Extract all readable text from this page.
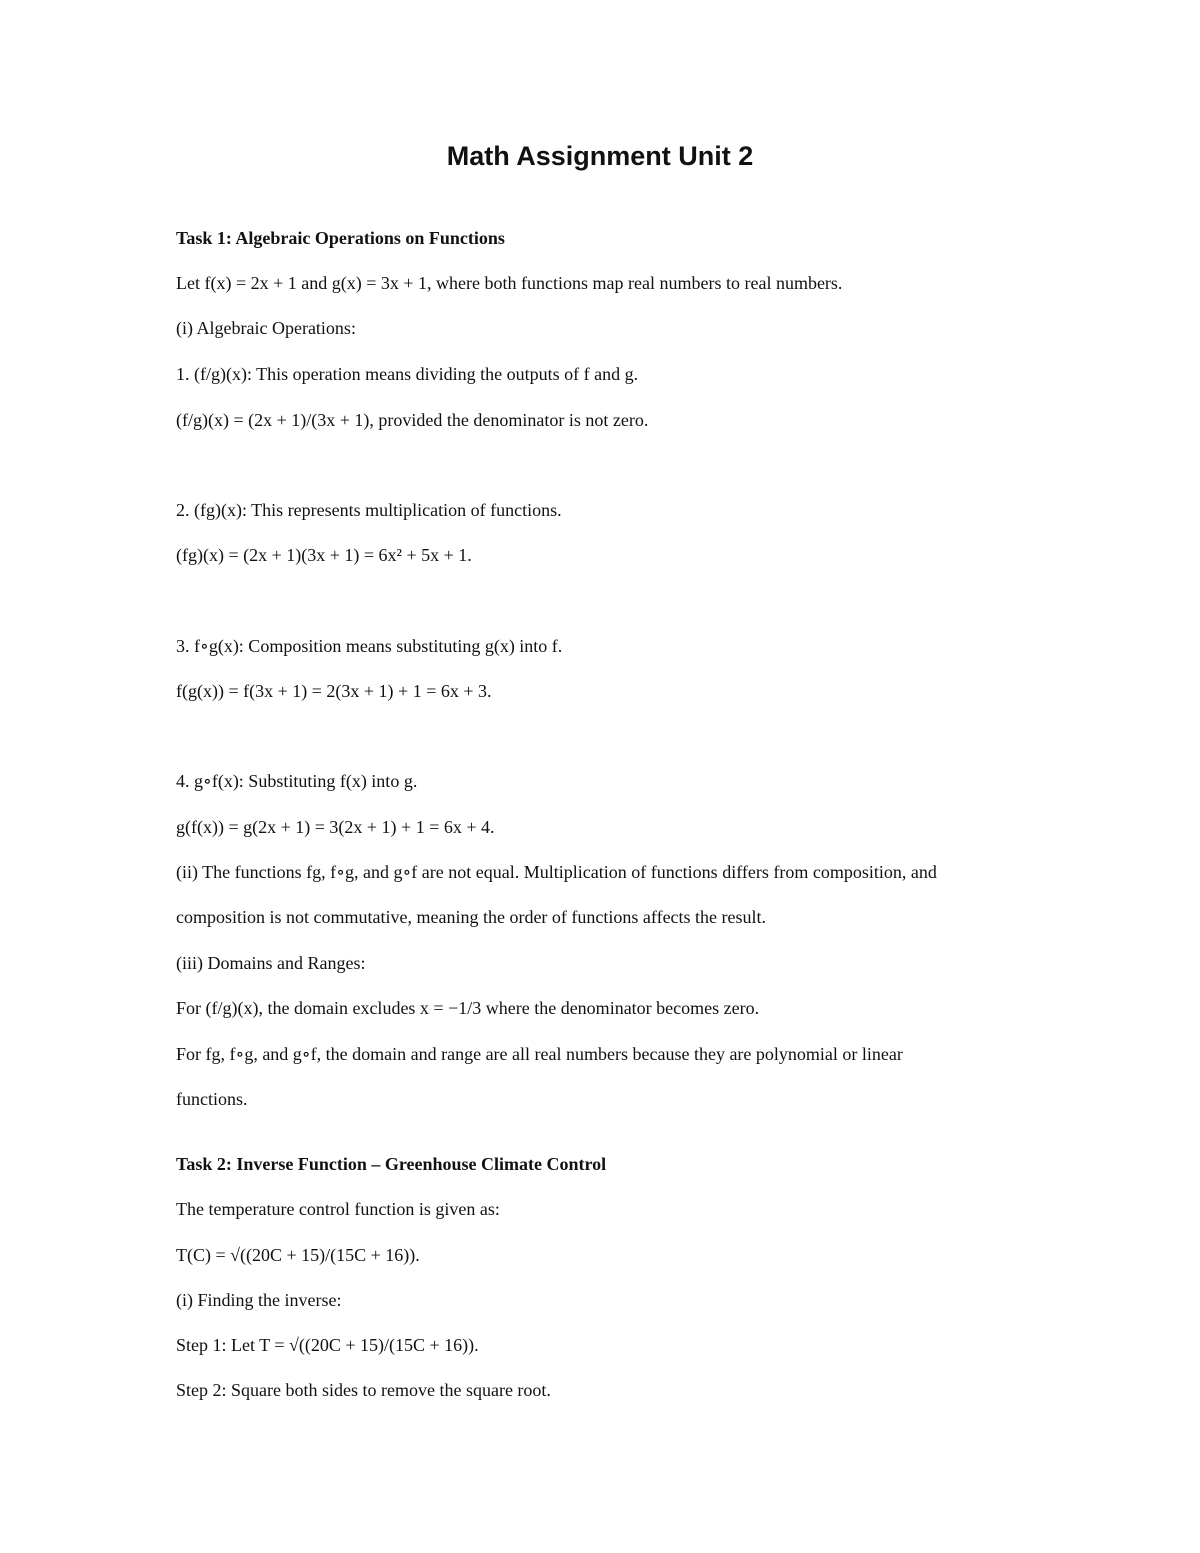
Math Assignment Unit 2

Task 1: Algebraic Operations on Functions

Let f(x) = 2x + 1 and g(x) = 3x + 1, where both functions map real numbers to real numbers.

(i) Algebraic Operations:

1. (f/g)(x): This operation means dividing the outputs of f and g.

(f/g)(x) = (2x + 1)/(3x + 1), provided the denominator is not zero.

2. (fg)(x): This represents multiplication of functions.

(fg)(x) = (2x + 1)(3x + 1) = 6x² + 5x + 1.

3. f∘g(x): Composition means substituting g(x) into f.

f(g(x)) = f(3x + 1) = 2(3x + 1) + 1 = 6x + 3.

4. g∘f(x): Substituting f(x) into g.

g(f(x)) = g(2x + 1) = 3(2x + 1) + 1 = 6x + 4.

(ii) The functions fg, f∘g, and g∘f are not equal. Multiplication of functions differs from composition, and

composition is not commutative, meaning the order of functions affects the result.

(iii) Domains and Ranges:

For (f/g)(x), the domain excludes x = −1/3 where the denominator becomes zero.

For fg, f∘g, and g∘f, the domain and range are all real numbers because they are polynomial or linear

functions.

Task 2: Inverse Function – Greenhouse Climate Control

The temperature control function is given as:

T(C) = √((20C + 15)/(15C + 16)).

(i) Finding the inverse:

Step 1: Let T = √((20C + 15)/(15C + 16)).

Step 2: Square both sides to remove the square root.
